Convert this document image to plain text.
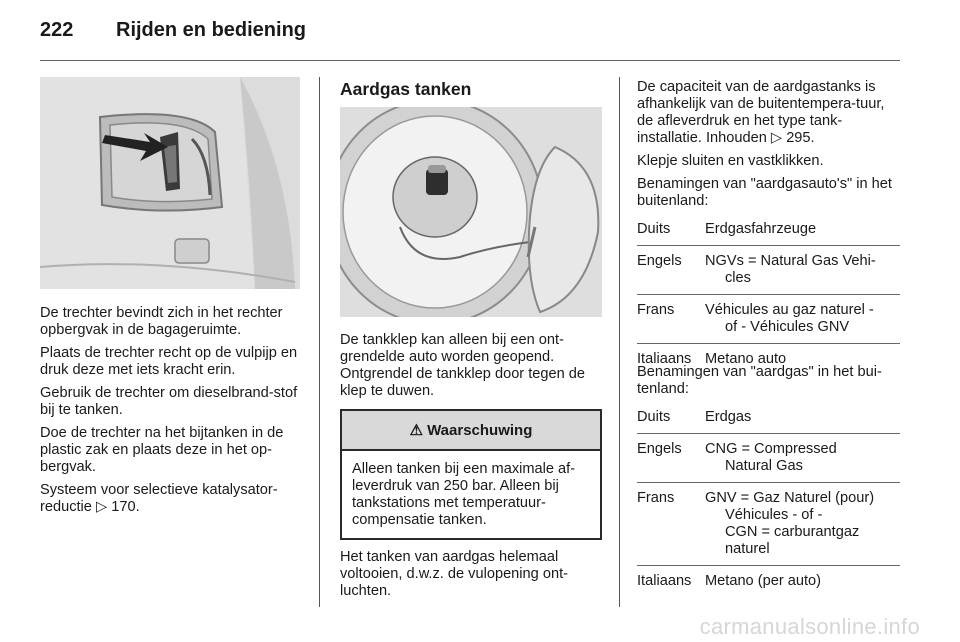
222 Rijden en bediening

De trechter bevindt zich in het rechter opbergvak in de bagageruimte.

Plaats de trechter recht op de vulpijp en druk deze met iets kracht erin.

Gebruik de trechter om dieselbrand-stof bij te tanken.

Doe de trechter na het bijtanken in de plastic zak en plaats deze in het op-bergvak.

Systeem voor selectieve katalysator-reductie ▷ 170.

Aardgas tanken

De tankklep kan alleen bij een ont-grendelde auto worden geopend. Ontgrendel de tankklep door tegen de klep te duwen.

⚠ Waarschuwing

Alleen tanken bij een maximale af-leverdruk van 250 bar. Alleen bij tankstations met temperatuur-compensatie tanken.

Het tanken van aardgas helemaal voltooien, d.w.z. de vulopening ont-luchten.

De capaciteit van de aardgastanks is afhankelijk van de buitentempera-tuur, de afleverdruk en het type tank-installatie. Inhouden ▷ 295.

Klepje sluiten en vastklikken.

Benamingen van "aardgasauto's" in het buitenland:

Duits	Erdgasfahrzeuge
Engels	NGVs = Natural Gas Vehi-
cles
Frans	Véhicules au gaz naturel -
of - Véhicules GNV
Italiaans Metano auto

Benamingen van "aardgas" in het bui-tenland:

Duits	Erdgas
Engels	CNG = Compressed
Natural Gas
Frans	GNV = Gaz Naturel (pour)
Véhicules - of -
CGN = carburantgaz
naturel
Italiaans Metano (per auto)
carmanualsonline.info
